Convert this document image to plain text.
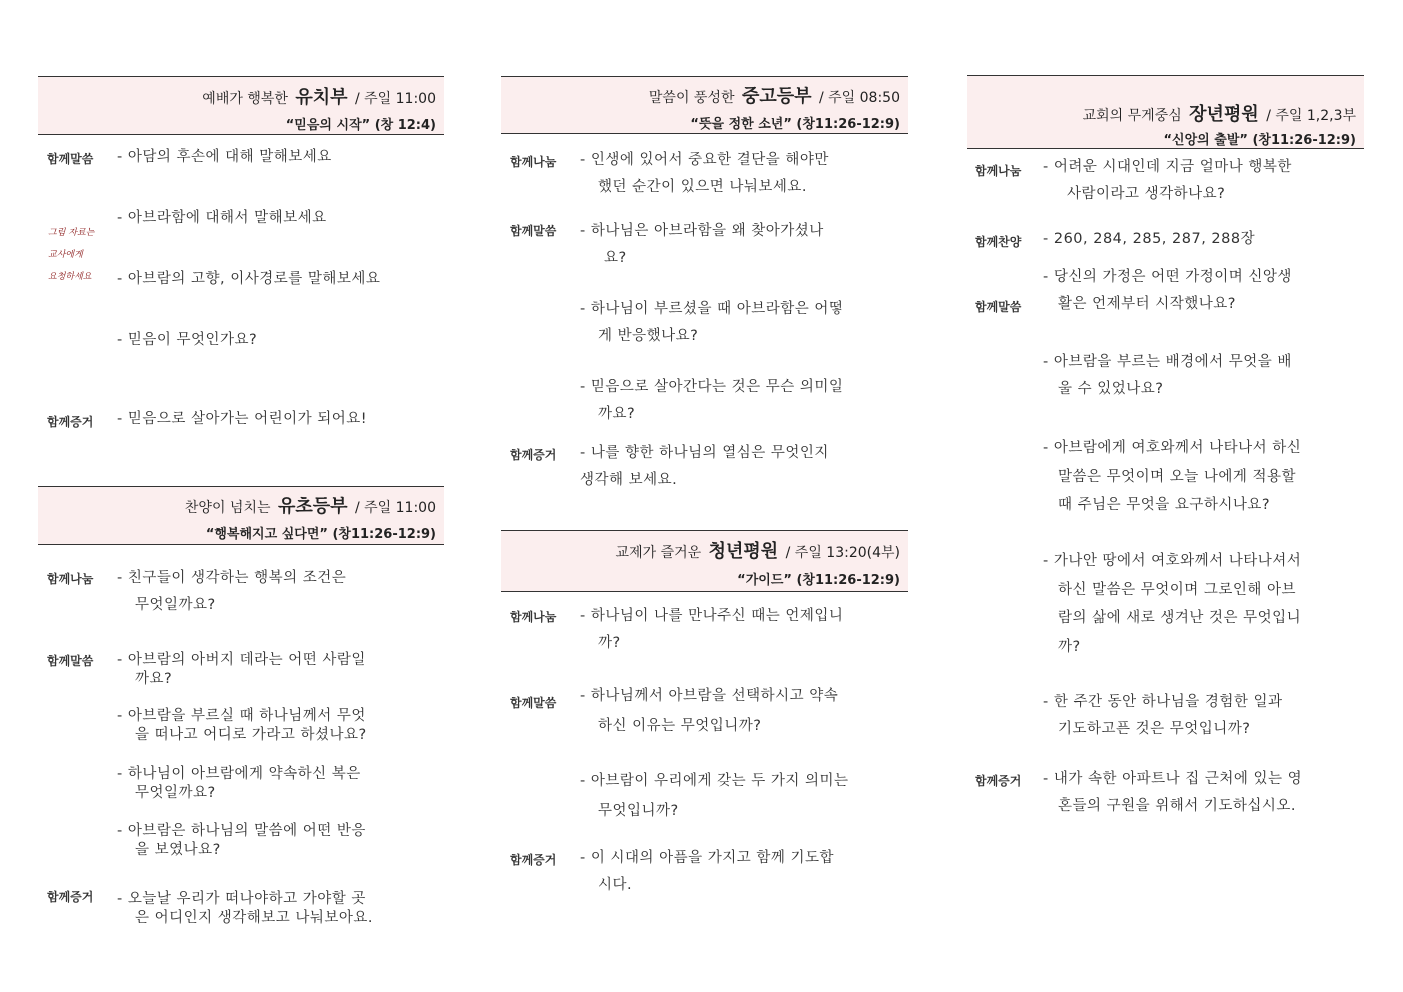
예배가 행복한 유치부 / 주일 11:00
“믿음의 시작” (창 12:4)
함께말씀
그림 자료는
교사에게
요청하세요
- 아담의 후손에 대해 말해보세요
- 아브라함에 대해서 말해보세요
- 아브람의 고향, 이사경로를 말해보세요
- 믿음이 무엇인가요?
함께증거 - 믿음으로 살아가는 어린이가 되어요!
찬양이 넘치는 유초등부 / 주일 11:00
“행복해지고 싶다면” (창11:26-12:9)
함께나눔 - 친구들이 생각하는 행복의 조건은
무엇일까요?
함께말씀 - 아브람의 아버지 데라는 어떤 사람일
까요?
- 아브람을 부르실 때 하나님께서 무엇
을 떠나고 어디로 가라고 하셨나요?
- 하나님이 아브람에게 약속하신 복은
무엇일까요?
- 아브람은 하나님의 말씀에 어떤 반응
을 보였나요?
함께증거 - 오늘날 우리가 떠나야하고 가야할 곳
은 어디인지 생각해보고 나눠보아요.
말씀이 풍성한 중고등부 / 주일 08:50
“뜻을 정한 소년” (창11:26-12:9)
함께나눔 - 인생에 있어서 중요한 결단을 해야만
했던 순간이 있으면 나눠보세요.
함께말씀 - 하나님은 아브라함을 왜 찾아가셨나
요?
- 하나님이 부르셨을 때 아브라함은 어떻
게 반응했나요?
- 믿음으로 살아간다는 것은 무슨 의미일
까요?
함께증거 - 나를 향한 하나님의 열심은 무엇인지
생각해 보세요.
교제가 즐거운 청년평원 / 주일 13:20(4부)
“가이드” (창11:26-12:9)
함께나눔 - 하나님이 나를 만나주신 때는 언제입니
까?
함께말씀 - 하나님께서 아브람을 선택하시고 약속
하신 이유는 무엇입니까?
- 아브람이 우리에게 갖는 두 가지 의미는
무엇입니까?
함께증거 - 이 시대의 아픔을 가지고 함께 기도합
시다.
교회의 무게중심 장년평원 / 주일 1,2,3부
“신앙의 출발” (창11:26-12:9)
함께나눔 - 어려운 시대인데 지금 얼마나 행복한
사람이라고 생각하나요?
함께찬양 - 260, 284, 285, 287, 288장
함께말씀
- 당신의 가정은 어떤 가정이며 신앙생
활은 언제부터 시작했나요?
- 아브람을 부르는 배경에서 무엇을 배
울 수 있었나요?
- 아브람에게 여호와께서 나타나서 하신
말씀은 무엇이며 오늘 나에게 적용할
때 주님은 무엇을 요구하시나요?
- 가나안 땅에서 여호와께서 나타나셔서
하신 말씀은 무엇이며 그로인해 아브
람의 삶에 새로 생겨난 것은 무엇입니
까?
- 한 주간 동안 하나님을 경험한 일과
기도하고픈 것은 무엇입니까?
함께증거 - 내가 속한 아파트나 집 근처에 있는 영
혼들의 구원을 위해서 기도하십시오.
